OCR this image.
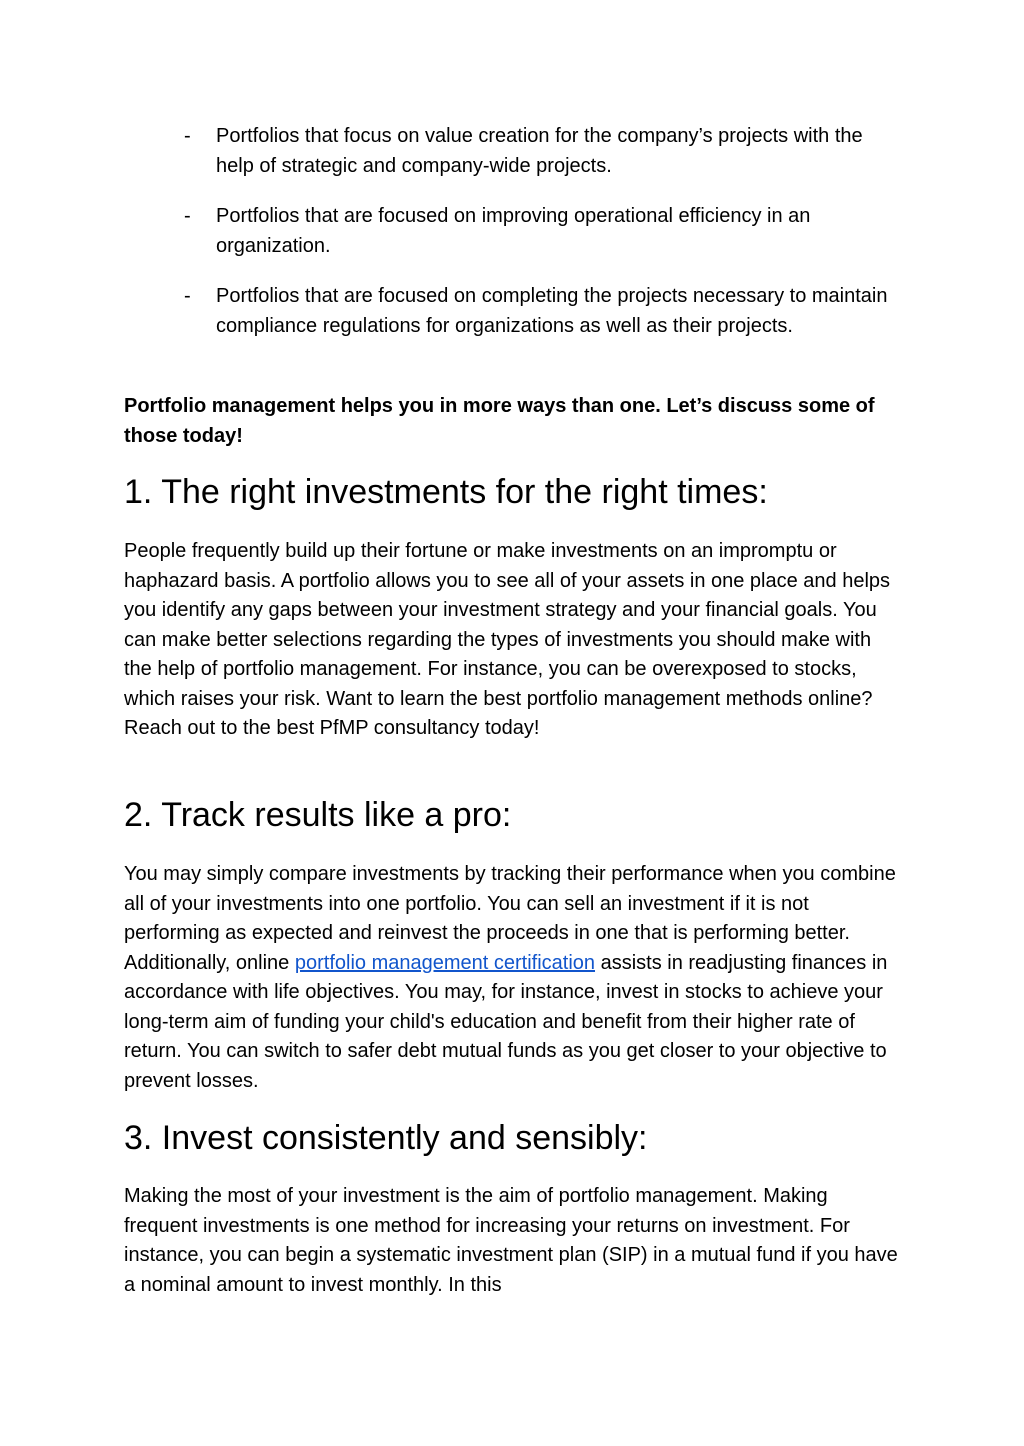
-	Portfolios that focus on value creation for the company’s projects with the help of strategic and company-wide projects.
-	Portfolios that are focused on improving operational efficiency in an organization.
-	Portfolios that are focused on completing the projects necessary to maintain compliance regulations for organizations as well as their projects.
Portfolio management helps you in more ways than one. Let’s discuss some of those today!
1. The right investments for the right times:

People frequently build up their fortune or make investments on an impromptu or haphazard basis. A portfolio allows you to see all of your assets in one place and helps you identify any gaps between your investment strategy and your financial goals. You can make better selections regarding the types of investments you should make with the help of portfolio management. For instance, you can be overexposed to stocks, which raises your risk. Want to learn the best portfolio management methods online? Reach out to the best PfMP consultancy today!

2. Track results like a pro:

You may simply compare investments by tracking their performance when you combine all of your investments into one portfolio. You can sell an investment if it is not performing as expected and reinvest the proceeds in one that is performing better. Additionally, online portfolio management certification assists in readjusting finances in accordance with life objectives. You may, for instance, invest in stocks to achieve your long-term aim of funding your child's education and benefit from their higher rate of return. You can switch to safer debt mutual funds as you get closer to your objective to prevent losses.

3. Invest consistently and sensibly:

Making the most of your investment is the aim of portfolio management. Making frequent investments is one method for increasing your returns on investment. For instance, you can begin a systematic investment plan (SIP) in a mutual fund if you have a nominal amount to invest monthly. In this
